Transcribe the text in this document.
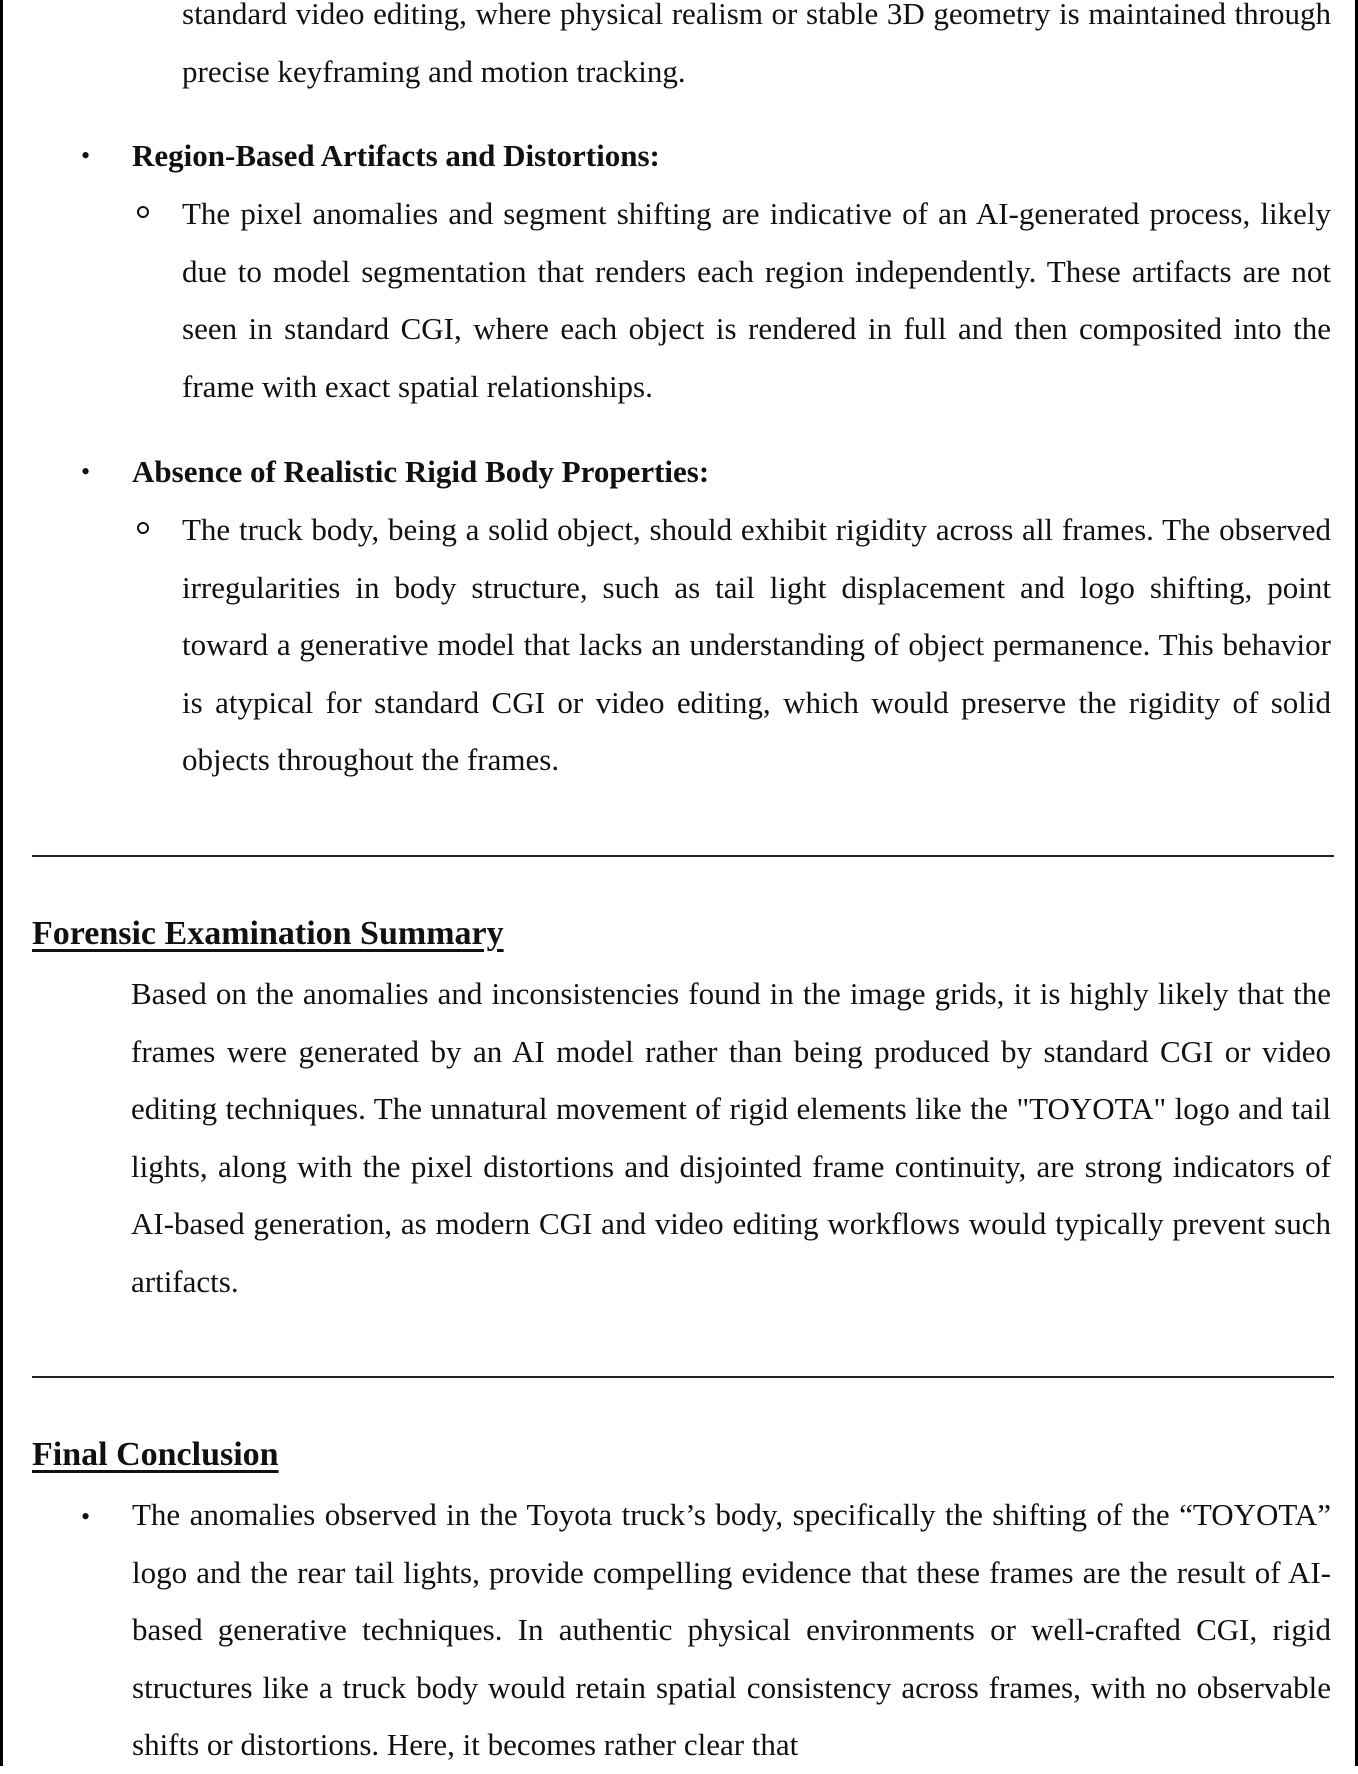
standard video editing, where physical realism or stable 3D geometry is maintained through precise keyframing and motion tracking.

• Region-Based Artifacts and Distortions:

The pixel anomalies and segment shifting are indicative of an AI-generated process, likely due to model segmentation that renders each region independently. These artifacts are not seen in standard CGI, where each object is rendered in full and then composited into the frame with exact spatial relationships.

• Absence of Realistic Rigid Body Properties:

The truck body, being a solid object, should exhibit rigidity across all frames. The observed irregularities in body structure, such as tail light displacement and logo shifting, point toward a generative model that lacks an understanding of object permanence. This behavior is atypical for standard CGI or video editing, which would preserve the rigidity of solid objects throughout the frames.

Forensic Examination Summary

Based on the anomalies and inconsistencies found in the image grids, it is highly likely that the frames were generated by an AI model rather than being produced by standard CGI or video editing techniques. The unnatural movement of rigid elements like the "TOYOTA" logo and tail lights, along with the pixel distortions and disjointed frame continuity, are strong indicators of AI-based generation, as modern CGI and video editing workflows would typically prevent such artifacts.

Final Conclusion
• The anomalies observed in the Toyota truck’s body, specifically the shifting of the “TOYOTA” logo and the rear tail lights, provide compelling evidence that these frames are the result of AI-based generative techniques. In authentic physical environments or well-crafted CGI, rigid structures like a truck body would retain spatial consistency across frames, with no observable shifts or distortions. Here, it becomes rather clear that
